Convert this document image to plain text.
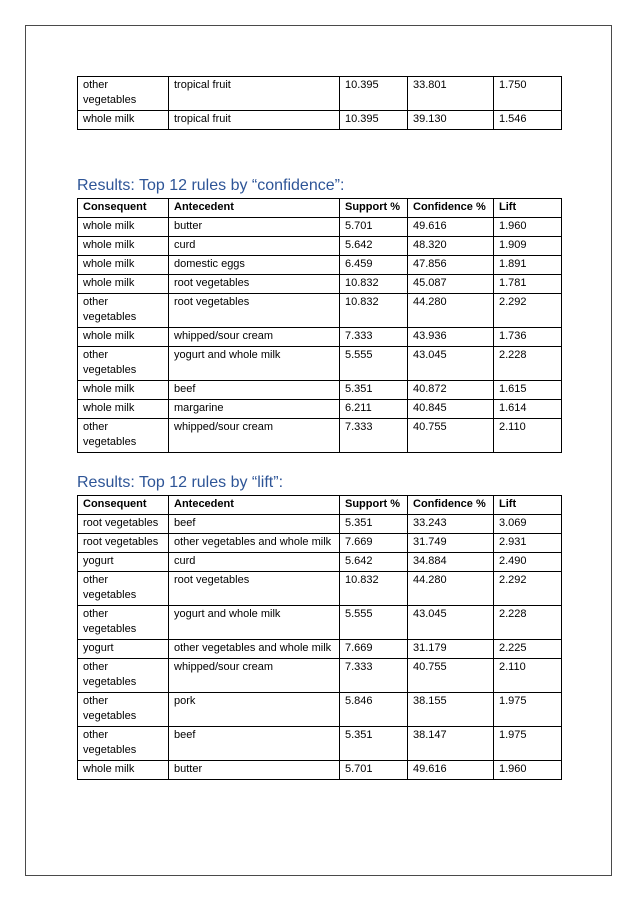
other vegetables	tropical fruit	10.395	33.801	1.750
whole milk	tropical fruit	10.395	39.130	1.546
Results: Top 12 rules by “confidence”:
Consequent	Antecedent	Support %	Confidence %	Lift
whole milk	butter	5.701	49.616	1.960
whole milk	curd	5.642	48.320	1.909
whole milk	domestic eggs	6.459	47.856	1.891
whole milk	root vegetables	10.832	45.087	1.781
other vegetables	root vegetables	10.832	44.280	2.292
whole milk	whipped/sour cream	7.333	43.936	1.736
other vegetables	yogurt and whole milk	5.555	43.045	2.228
whole milk	beef	5.351	40.872	1.615
whole milk	margarine	6.211	40.845	1.614
other vegetables	whipped/sour cream	7.333	40.755	2.110
Results: Top 12 rules by “lift”:
Consequent	Antecedent	Support %	Confidence %	Lift
root vegetables	beef	5.351	33.243	3.069
root vegetables	other vegetables and whole milk	7.669	31.749	2.931
yogurt	curd	5.642	34.884	2.490
other vegetables	root vegetables	10.832	44.280	2.292
other vegetables	yogurt and whole milk	5.555	43.045	2.228
yogurt	other vegetables and whole milk	7.669	31.179	2.225
other vegetables	whipped/sour cream	7.333	40.755	2.110
other vegetables	pork	5.846	38.155	1.975
other vegetables	beef	5.351	38.147	1.975
whole milk	butter	5.701	49.616	1.960
